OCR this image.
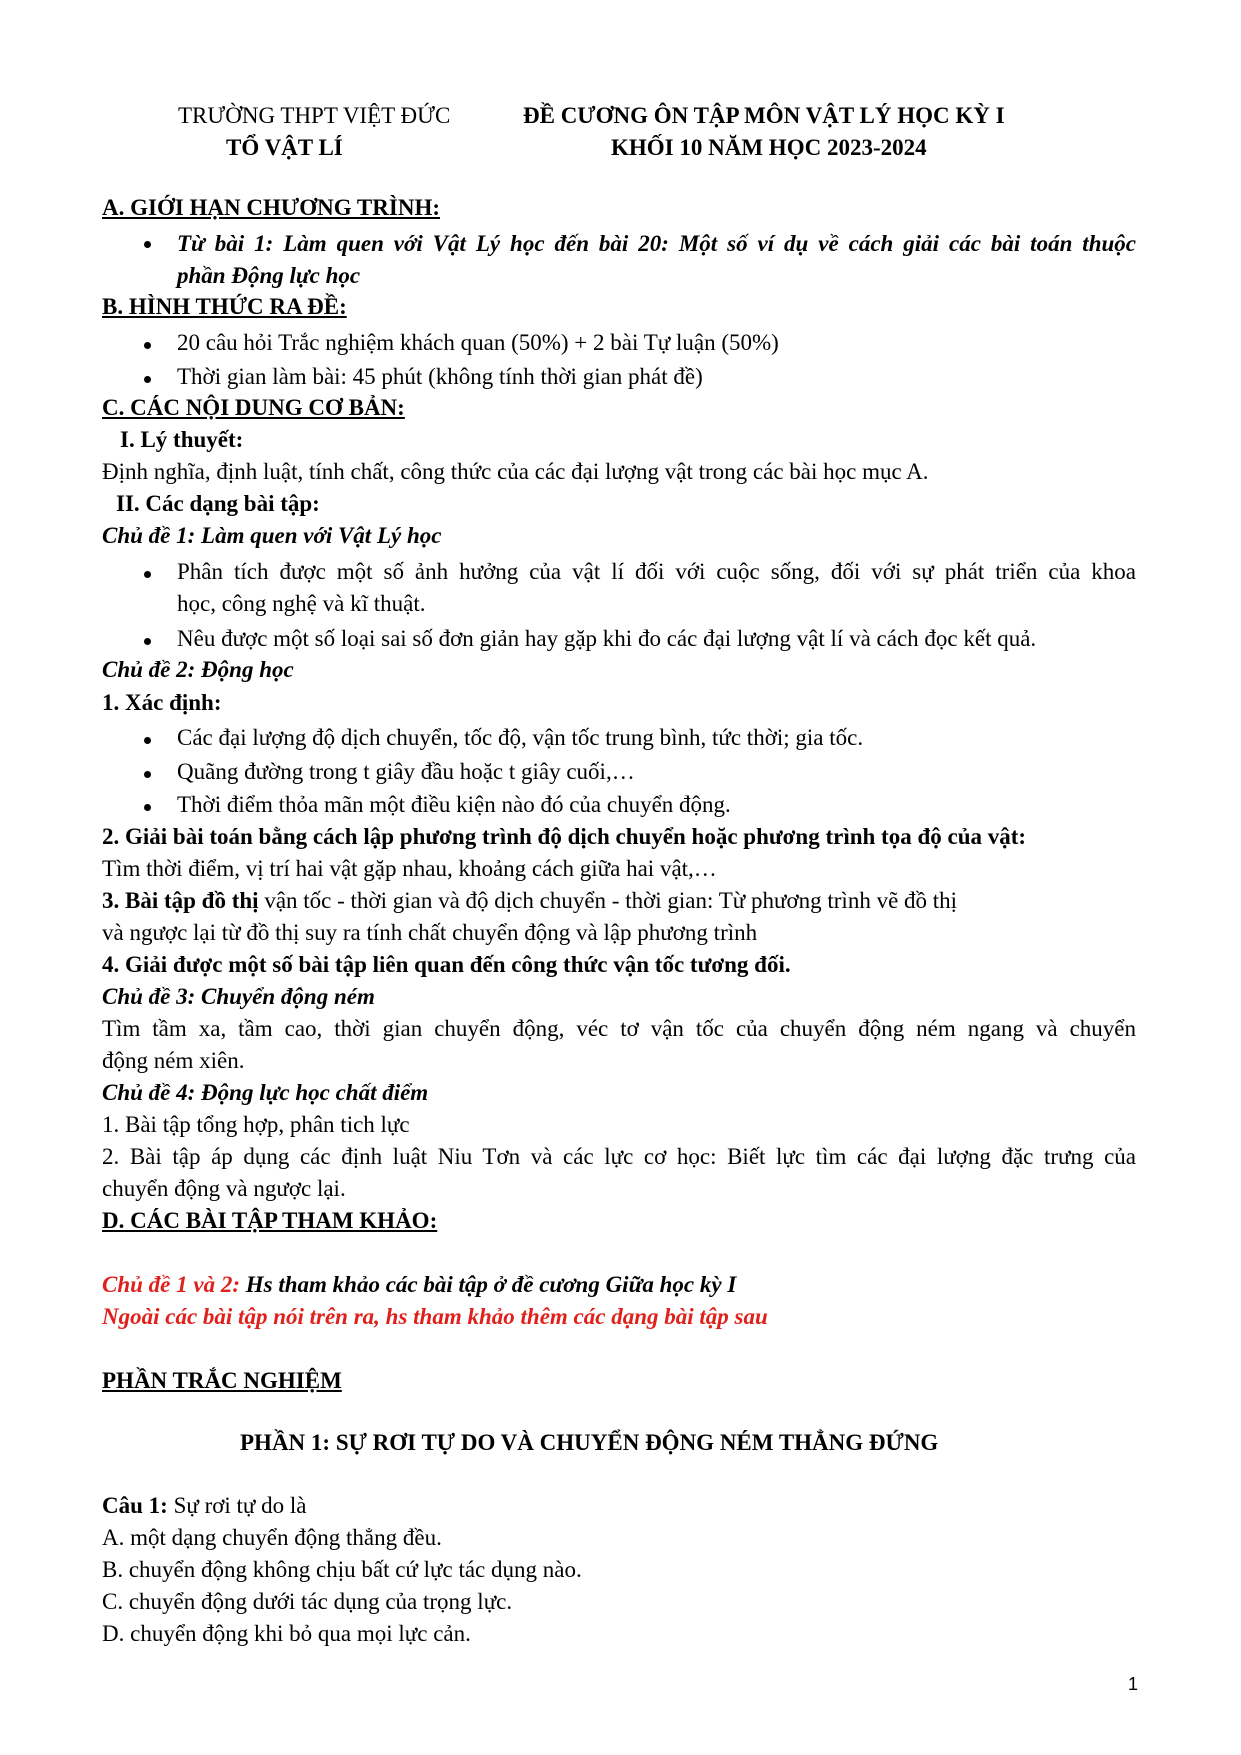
TRƯỜNG THPT VIỆT ĐỨC
TỔ VẬT LÍ
ĐỀ CƯƠNG ÔN TẬP MÔN VẬT LÝ HỌC KỲ I
KHỐI 10 NĂM HỌC 2023-2024
A. GIỚI HẠN CHƯƠNG TRÌNH:
Từ bài 1: Làm quen với Vật Lý học đến bài 20: Một số ví dụ về cách giải các bài toán thuộc
phần Động lực học
B. HÌNH THỨC RA ĐỀ:
20 câu hỏi Trắc nghiệm khách quan (50%) + 2 bài Tự luận (50%)
Thời gian làm bài: 45 phút (không tính thời gian phát đề)
C. CÁC NỘI DUNG CƠ BẢN:
I. Lý thuyết:
Định nghĩa, định luật, tính chất, công thức của các đại lượng vật trong các bài học mục A.
II. Các dạng bài tập:
Chủ đề 1: Làm quen với Vật Lý học
Phân tích được một số ảnh hưởng của vật lí đối với cuộc sống, đối với sự phát triển của khoa
học, công nghệ và kĩ thuật.
Nêu được một số loại sai số đơn giản hay gặp khi đo các đại lượng vật lí và cách đọc kết quả.
Chủ đề 2: Động học
1. Xác định:
Các đại lượng độ dịch chuyển, tốc độ, vận tốc trung bình, tức thời; gia tốc.
Quãng đường trong t giây đầu hoặc t giây cuối,…
Thời điểm thỏa mãn một điều kiện nào đó của chuyển động.
2. Giải bài toán bằng cách lập phương trình độ dịch chuyển hoặc phương trình tọa độ của vật:
Tìm thời điểm, vị trí hai vật gặp nhau, khoảng cách giữa hai vật,…
3. Bài tập đồ thị vận tốc - thời gian và độ dịch chuyển - thời gian: Từ phương trình vẽ đồ thị
và ngược lại từ đồ thị suy ra tính chất chuyển động và lập phương trình
4. Giải được một số bài tập liên quan đến công thức vận tốc tương đối.
Chủ đề 3: Chuyển động ném
Tìm tầm xa, tầm cao, thời gian chuyển động, véc tơ vận tốc của chuyển động ném ngang và chuyển
động ném xiên.
Chủ đề 4: Động lực học chất điểm
1. Bài tập tổng hợp, phân tich lực
2. Bài tập áp dụng các định luật Niu Tơn và các lực cơ học: Biết lực tìm các đại lượng đặc trưng của
chuyển động và ngược lại.
D. CÁC BÀI TẬP THAM KHẢO:
Chủ đề 1 và 2: Hs tham khảo các bài tập ở đề cương Giữa học kỳ I
Ngoài các bài tập nói trên ra, hs tham khảo thêm các dạng bài tập sau
PHẦN TRẮC NGHIỆM
PHẦN 1: SỰ RƠI TỰ DO VÀ CHUYỂN ĐỘNG NÉM THẲNG ĐỨNG
Câu 1: Sự rơi tự do là
A. một dạng chuyển động thẳng đều.
B. chuyển động không chịu bất cứ lực tác dụng nào.
C. chuyển động dưới tác dụng của trọng lực.
D. chuyển động khi bỏ qua mọi lực cản.
1
